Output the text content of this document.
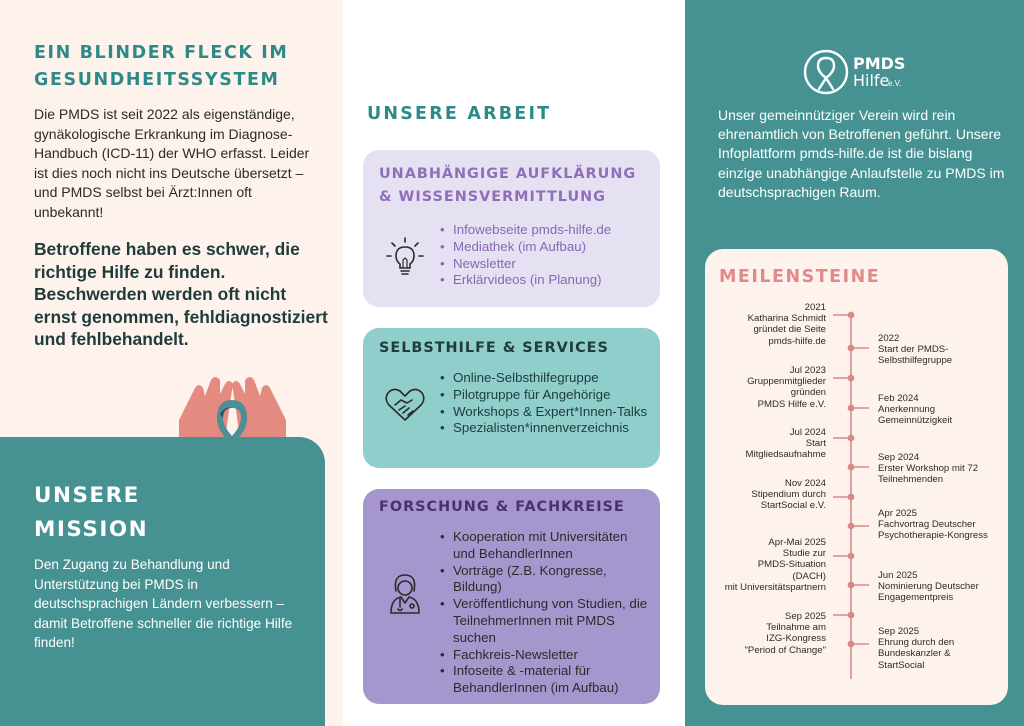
EIN BLINDER FLECK IM GESUNDHEITSSYSTEM

Die PMDS ist seit 2022 als eigenständige, gynäkologische Erkrankung im Diagnose-Handbuch (ICD-11) der WHO erfasst. Leider ist dies noch nicht ins Deutsche übersetzt – und PMDS selbst bei Ärzt:Innen oft unbekannt!

Betroffene haben es schwer, die richtige Hilfe zu finden. Beschwerden werden oft nicht ernst genommen, fehldiagnostiziert und fehlbehandelt.

UNSERE
MISSION

Den Zugang zu Behandlung und Unterstützung bei PMDS in deutschsprachigen Ländern verbessern – damit Betroffene schneller die richtige Hilfe finden!

UNSERE ARBEIT
UNABHÄNGIGE AUFKLÄRUNG & WISSENSVERMITTLUNG
• Infowebseite pmds-hilfe.de
• Mediathek (im Aufbau)
• Newsletter
• Erklärvideos (in Planung)
SELBSTHILFE & SERVICES
• Online-Selbsthilfegruppe
• Pilotgruppe für Angehörige
• Workshops & Expert*Innen-Talks
• Spezialisten*innenverzeichnis
FORSCHUNG & FACHKREISE
• Kooperation mit Universitäten und BehandlerInnen
• Vorträge (Z.B. Kongresse, Bildung)
• Veröffentlichung von Studien, die TeilnehmerInnen mit PMDS suchen
• Fachkreis-Newsletter
• Infoseite & -material für BehandlerInnen (im Aufbau)
PMDS
Hilfe
e.V.

Unser gemeinnütziger Verein wird rein ehrenamtlich von Betroffenen geführt. Unsere Infoplattform pmds-hilfe.de ist die bislang einzige unabhängige Anlaufstelle zu PMDS im deutschsprachigen Raum.

MEILENSTEINE
2021
Katharina Schmidt
gründet die Seite
pmds-hilfe.de
Jul 2023
Gruppenmitglieder
gründen
PMDS Hilfe e.V.
Jul 2024
Start
Mitgliedsaufnahme
Nov 2024
Stipendium durch
StartSocial e.V.
Apr-Mai 2025
Studie zur
PMDS-Situation
(DACH)
mit Universitätspartnern
Sep 2025
Teilnahme am
IZG-Kongress
"Period of Change"
2022
Start der PMDS-
Selbsthilfegruppe
Feb 2024
Anerkennung
Gemeinnützigkeit
Sep 2024
Erster Workshop mit 72
Teilnehmenden
Apr 2025
Fachvortrag Deutscher
Psychotherapie-Kongress
Jun 2025
Nominierung Deutscher
Engagementpreis
Sep 2025
Ehrung durch den
Bundeskanzler &
StartSocial
